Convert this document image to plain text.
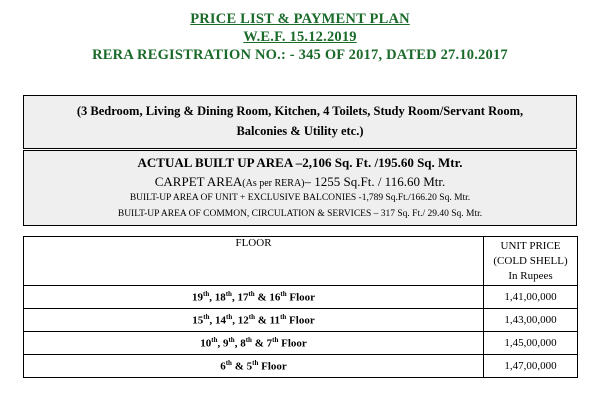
PRICE LIST & PAYMENT PLAN
W.E.F. 15.12.2019
RERA REGISTRATION NO.: - 345 OF 2017, DATED 27.10.2017
(3 Bedroom, Living & Dining Room, Kitchen, 4 Toilets, Study Room/Servant Room,
Balconies & Utility etc.)
ACTUAL BUILT UP AREA –2,106 Sq. Ft. /195.60 Sq. Mtr.
CARPET AREA(As per RERA)– 1255 Sq.Ft. / 116.60 Mtr.
BUILT-UP AREA OF UNIT + EXCLUSIVE BALCONIES -1,789 Sq.Ft./166.20 Sq. Mtr.
BUILT-UP AREA OF COMMON, CIRCULATION & SERVICES – 317 Sq. Ft./ 29.40 Sq. Mtr.
FLOOR	UNIT PRICE
(COLD SHELL)
In Rupees

19th, 18th, 17th & 16th Floor	1,41,00,000
15th, 14th, 12th & 11th Floor	1,43,00,000
10th, 9th, 8th & 7th Floor	1,45,00,000
6th & 5th Floor	1,47,00,000
